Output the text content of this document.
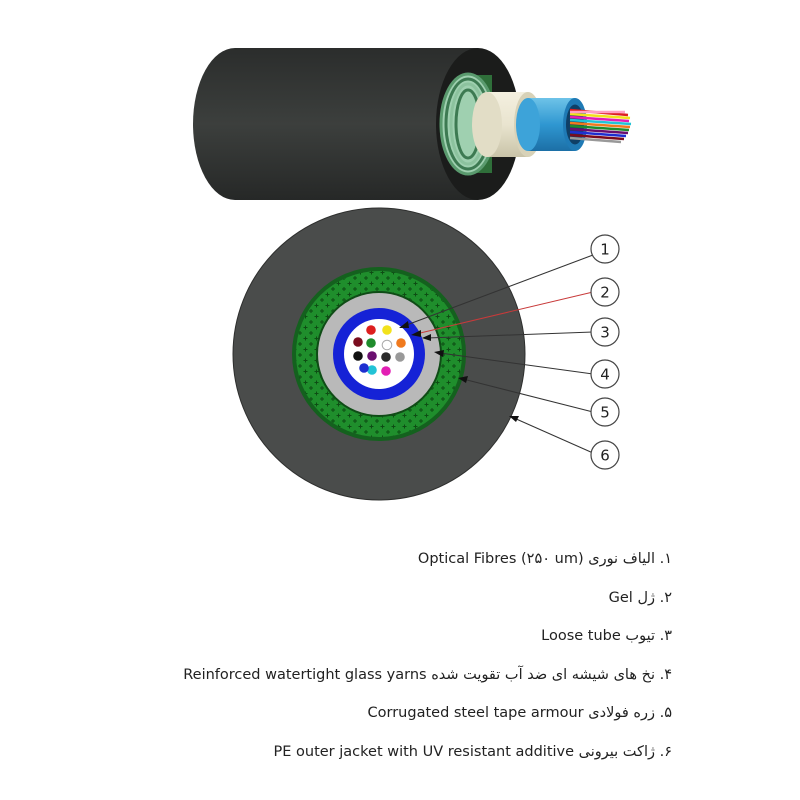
1
2
3
4
5
6
۱. الیاف نوری Optical Fibres (۲۵۰ um)
۲. ژل Gel
۳. تیوب Loose tube
۴. نخ های شیشه ای ضد آب تقویت شده Reinforced watertight glass yarns
۵. زره فولادی Corrugated steel tape armour
۶. ژاکت بیرونی PE outer jacket with UV resistant additive
